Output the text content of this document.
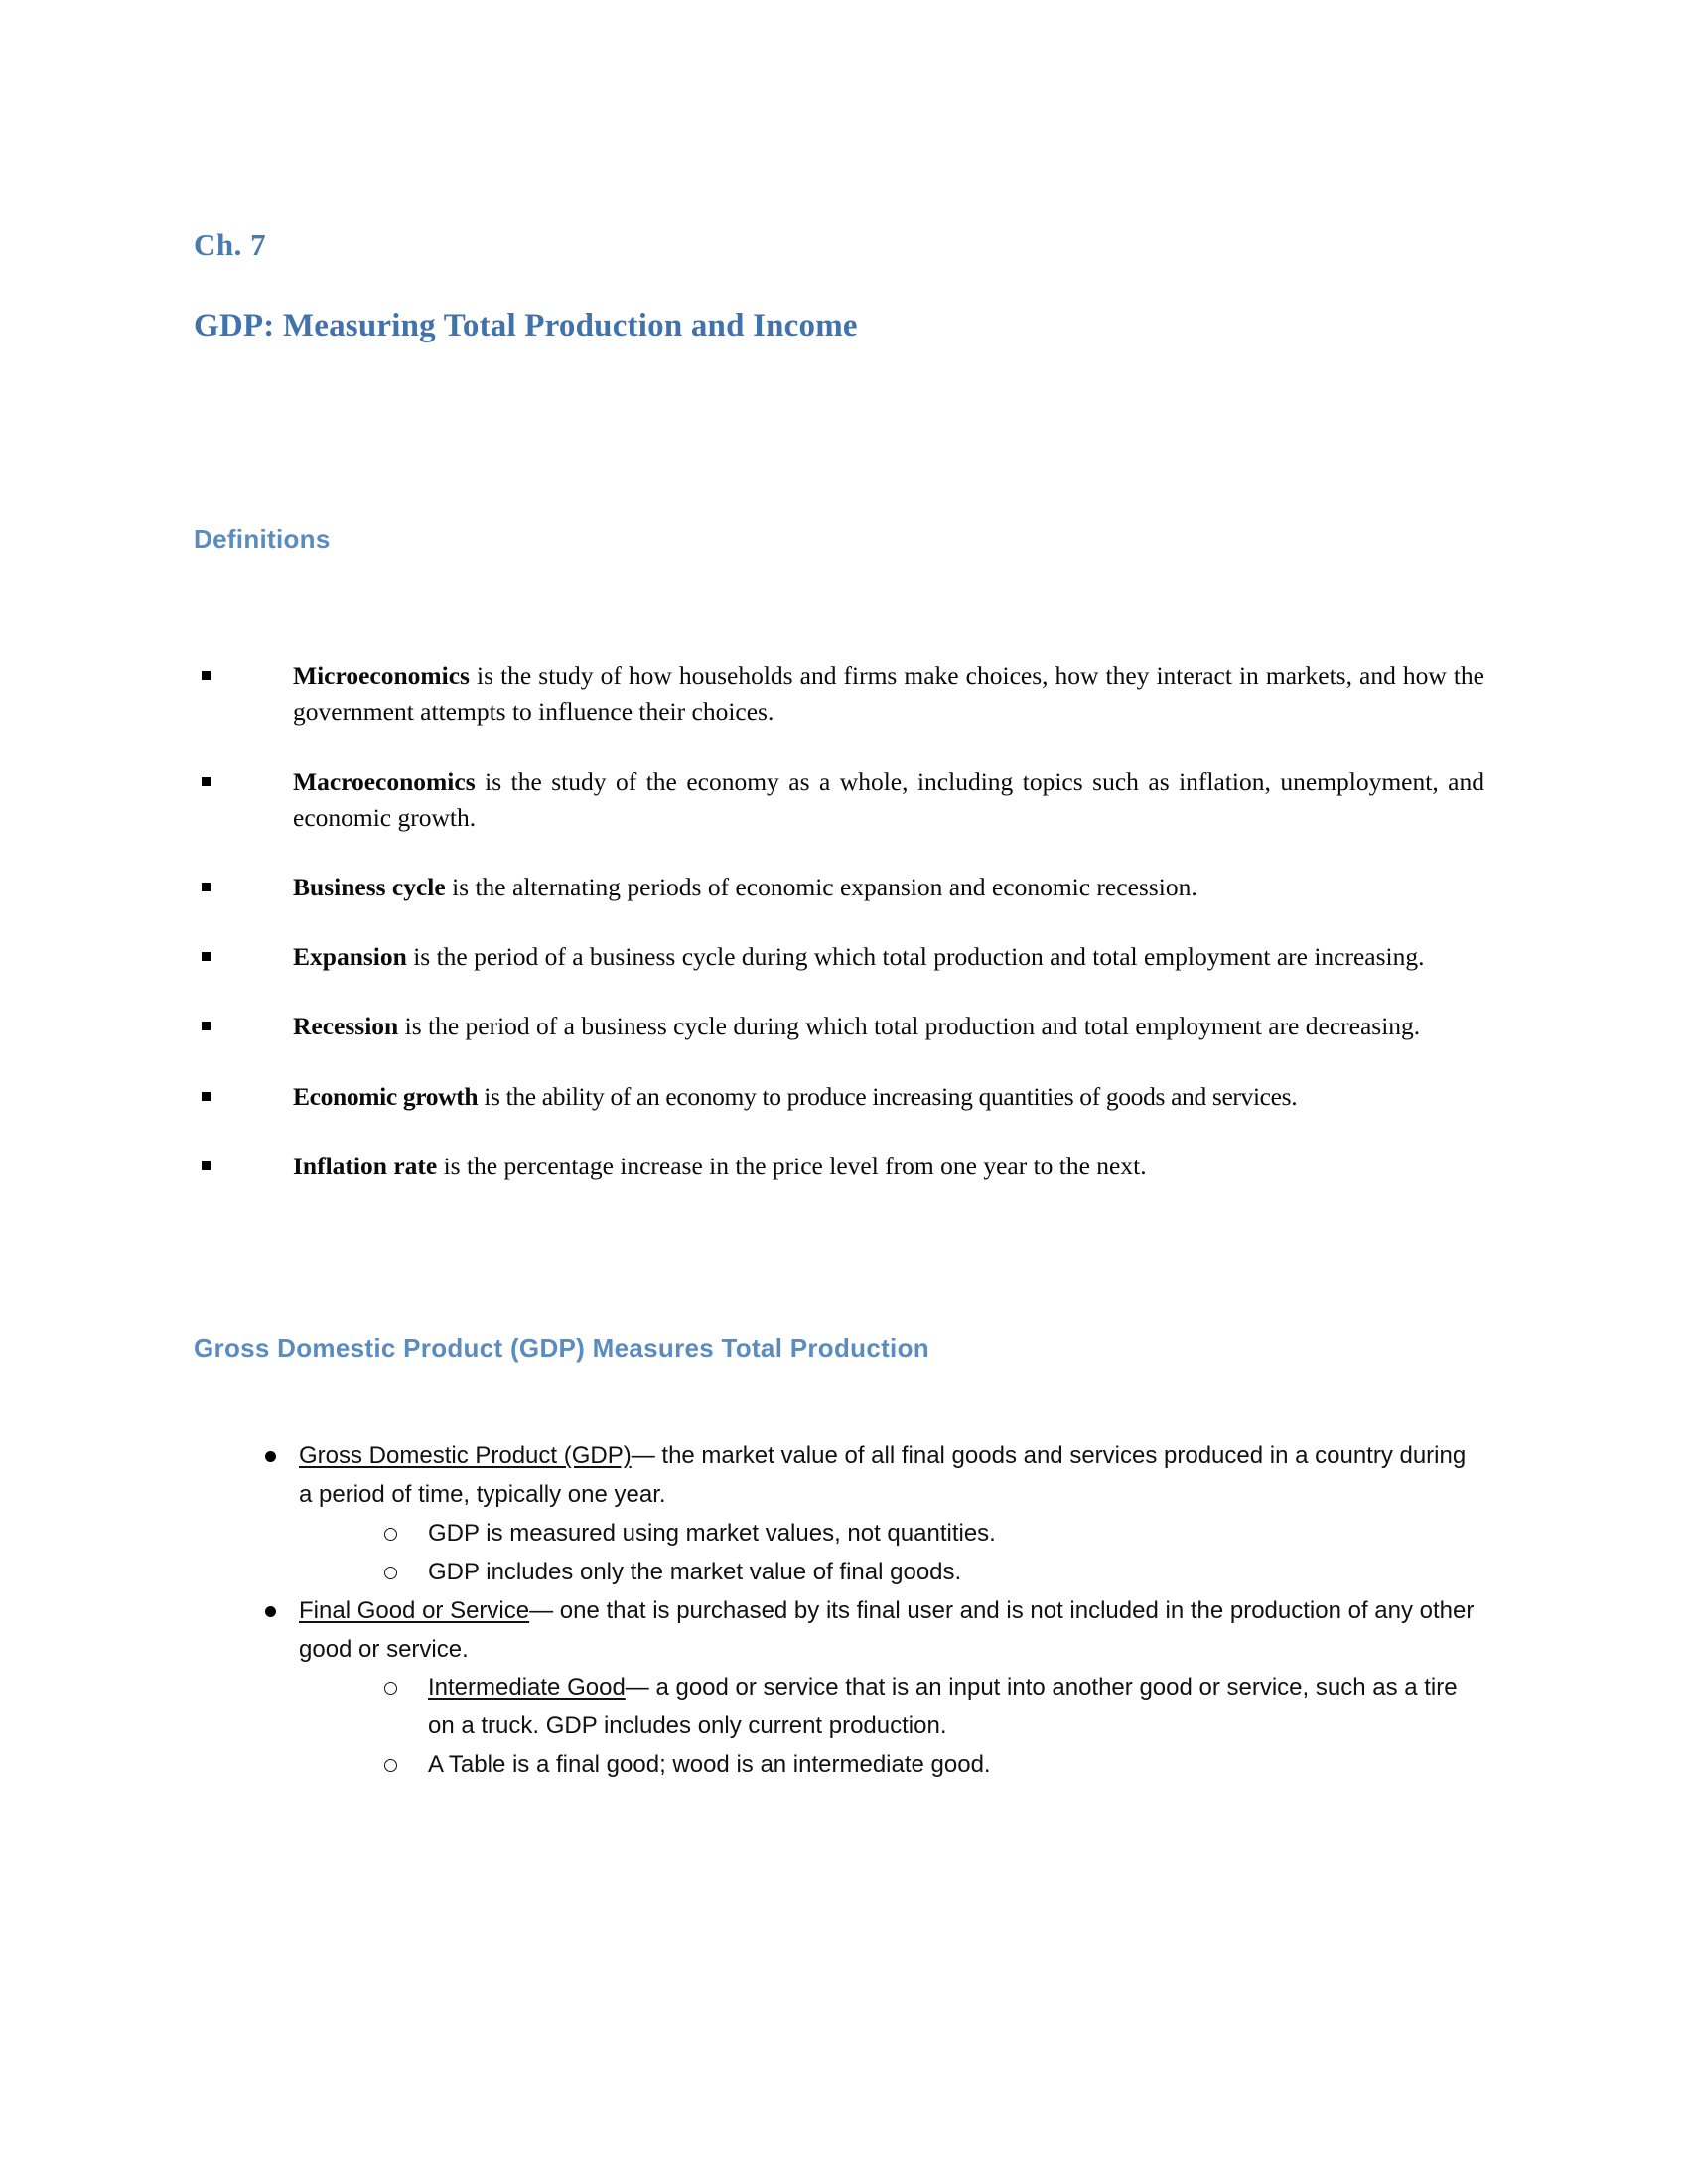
Ch. 7
GDP: Measuring Total Production and Income
Definitions
Microeconomics is the study of how households and firms make choices, how they interact in markets, and how the government attempts to influence their choices.
Macroeconomics is the study of the economy as a whole, including topics such as inflation, unemployment, and economic growth.
Business cycle is the alternating periods of economic expansion and economic recession.
Expansion is the period of a business cycle during which total production and total employment are increasing.
Recession is the period of a business cycle during which total production and total employment are decreasing.
Economic growth is the ability of an economy to produce increasing quantities of goods and services.
Inflation rate is the percentage increase in the price level from one year to the next.
Gross Domestic Product (GDP) Measures Total Production
Gross Domestic Product (GDP)— the market value of all final goods and services produced in a country during a period of time, typically one year.
GDP is measured using market values, not quantities.
GDP includes only the market value of final goods.
Final Good or Service— one that is purchased by its final user and is not included in the production of any other good or service.
Intermediate Good— a good or service that is an input into another good or service, such as a tire on a truck. GDP includes only current production.
A Table is a final good; wood is an intermediate good.
